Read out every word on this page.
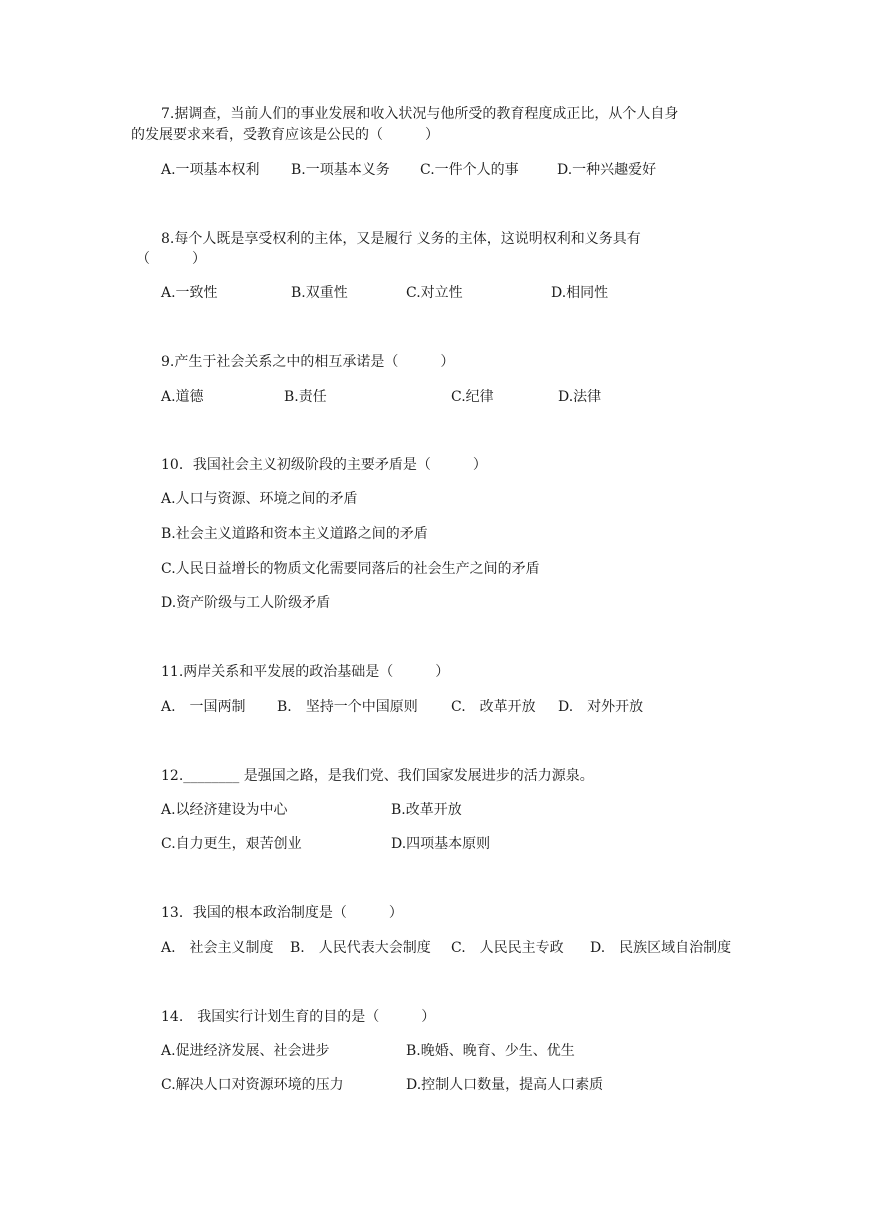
7.据调查，当前人们的事业发展和收入状况与他所受的教育程度成正比，从个人自身
的发展要求来看，受教育应该是公民的（　　　）
A.一项基本权利 B.一项基本义务 C.一件个人的事	D.一种兴趣爱好
8.每个人既是享受权利的主体，又是履行 义务的主体，这说明权利和义务具有
（　　　）
A.一致性	B.双重性	C.对立性	D.相同性
9.产生于社会关系之中的相互承诺是（　　　）
A.道德	B.责任	C.纪律	D.法律
10．我国社会主义初级阶段的主要矛盾是（　　　）
A.人口与资源、环境之间的矛盾
B.社会主义道路和资本主义道路之间的矛盾
C.人民日益增长的物质文化需要同落后的社会生产之间的矛盾
D.资产阶级与工人阶级矛盾
11.两岸关系和平发展的政治基础是（　　　）
A.　一国两制 B.　坚持一个中国原则 C.　改革开放 D.　对外开放
12.________ 是强国之路，是我们党、我们国家发展进步的活力源泉。
A.以经济建设为中心	B.改革开放
C.自力更生，艰苦创业	D.四项基本原则
13．我国的根本政治制度是（　　　）
A.　社会主义制度 B.　人民代表大会制度 C.　人民民主专政 D.　民族区域自治制度
14.　我国实行计划生育的目的是（　　　）
A.促进经济发展、社会进步	B.晚婚、晚育、少生、优生
C.解决人口对资源环境的压力	D.控制人口数量，提高人口素质
